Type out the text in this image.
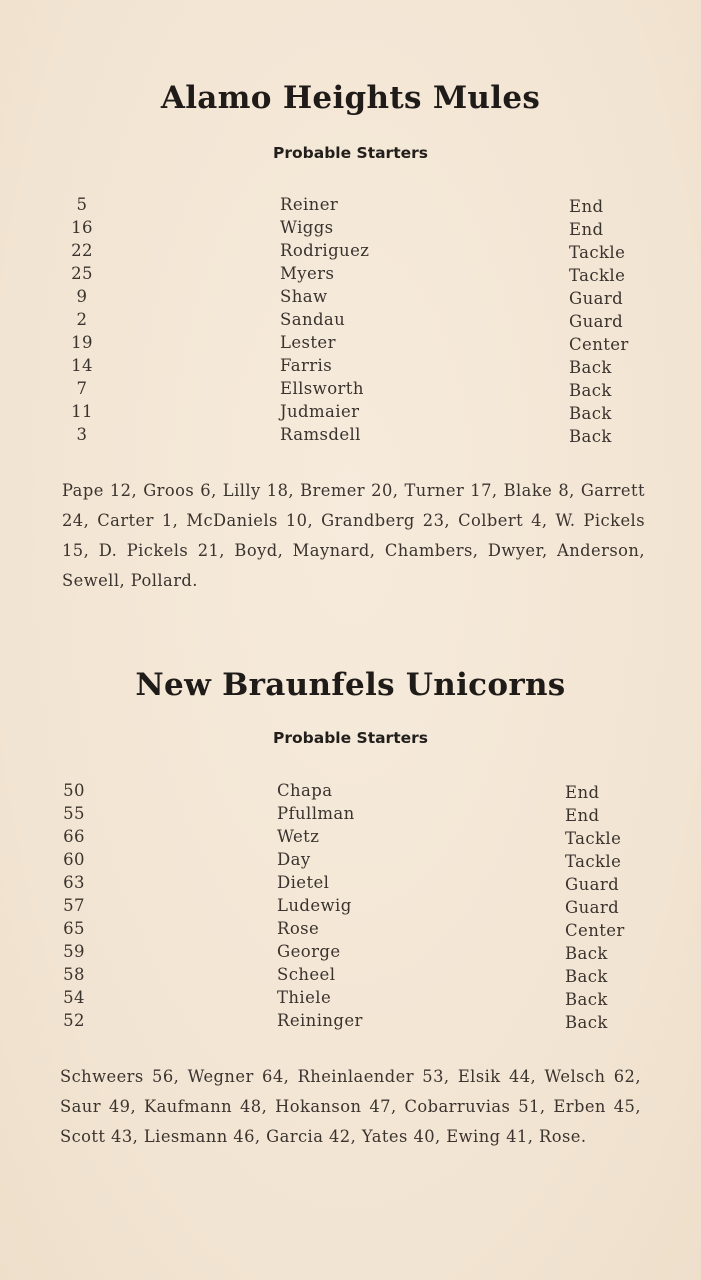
Alamo Heights Mules
Probable Starters
5	Reiner	End
16	Wiggs	End
22	Rodriguez	Tackle
25	Myers	Tackle
9	Shaw	Guard
2	Sandau	Guard
19	Lester	Center
14	Farris	Back
7	Ellsworth	Back
11	Judmaier	Back
3	Ramsdell	Back

Pape 12, Groos 6, Lilly 18, Bremer 20, Turner 17, Blake 8, Garrett 24, Carter 1, McDaniels 10, Grandberg 23, Colbert 4, W. Pickels 15, D. Pickels 21, Boyd, Maynard, Chambers, Dwyer, Anderson, Sewell, Pollard.

New Braunfels Unicorns
Probable Starters
50	Chapa	End
55	Pfullman	End
66	Wetz	Tackle
60	Day	Tackle
63	Dietel	Guard
57	Ludewig	Guard
65	Rose	Center
59	George	Back
58	Scheel	Back
54	Thiele	Back
52	Reininger	Back

Schweers 56, Wegner 64, Rheinlaender 53, Elsik 44, Welsch 62, Saur 49, Kaufmann 48, Hokanson 47, Cobarruvias 51, Erben 45, Scott 43, Liesmann 46, Garcia 42, Yates 40, Ewing 41, Rose.
